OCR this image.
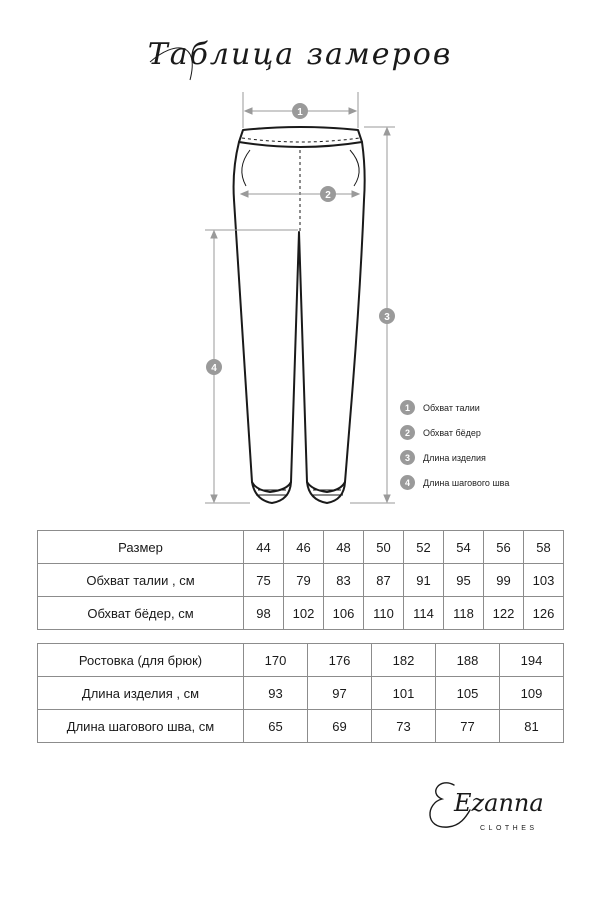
Таблица замеров
1
2
3
4
1	Обхват талии
2	Обхват бёдер
3	Длина изделия
4	Длина шагового шва
Размер	44	46	48	50	52	54	56	58
Обхват талии , см	75	79	83	87	91	95	99	103
Обхват бёдер, см	98	102	106	110	114	118	122	126
Ростовка (для брюк)	170	176	182	188	194
Длина изделия , см	93	97	101	105	109
Длина шагового шва, см	65	69	73	77	81
Ezanna
CLOTHES
